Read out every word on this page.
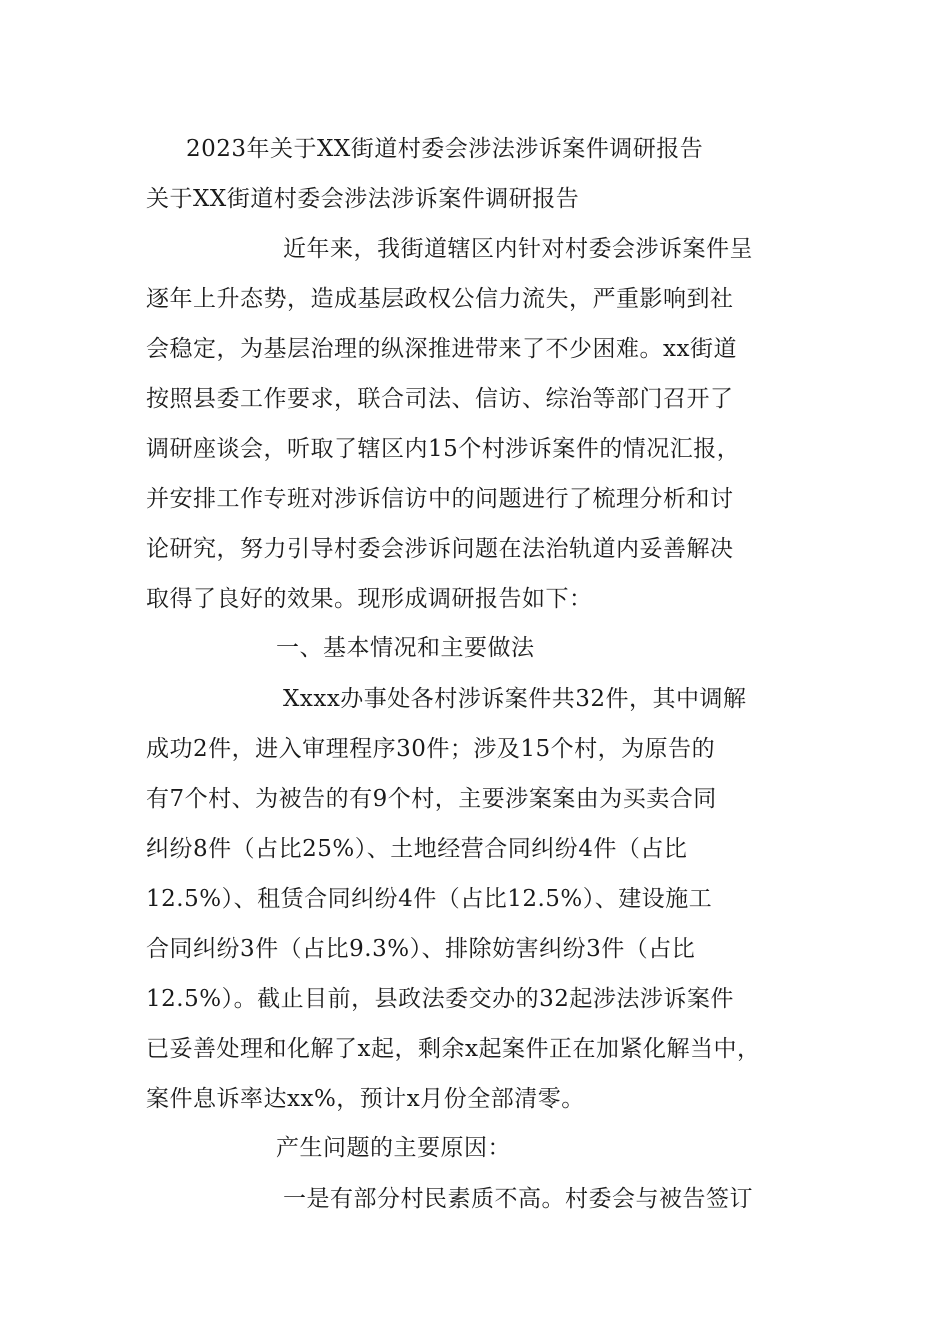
2023年关于XX街道村委会涉法涉诉案件调研报告
关于XX街道村委会涉法涉诉案件调研报告
近年来，我街道辖区内针对村委会涉诉案件呈
逐年上升态势，造成基层政权公信力流失，严重影响到社
会稳定，为基层治理的纵深推进带来了不少困难。xx街道
按照县委工作要求，联合司法、信访、综治等部门召开了
调研座谈会，听取了辖区内15个村涉诉案件的情况汇报，
并安排工作专班对涉诉信访中的问题进行了梳理分析和讨
论研究，努力引导村委会涉诉问题在法治轨道内妥善解决
取得了良好的效果。现形成调研报告如下：
一、基本情况和主要做法
Xxxx办事处各村涉诉案件共32件，其中调解
成功2件，进入审理程序30件；涉及15个村，为原告的
有7个村、为被告的有9个村，主要涉案案由为买卖合同
纠纷8件（占比25%）、土地经营合同纠纷4件（占比
12.5%）、租赁合同纠纷4件（占比12.5%）、建设施工
合同纠纷3件（占比9.3%）、排除妨害纠纷3件（占比
12.5%）。截止目前，县政法委交办的32起涉法涉诉案件
已妥善处理和化解了x起，剩余x起案件正在加紧化解当中，
案件息诉率达xx%，预计x月份全部清零。
产生问题的主要原因：
一是有部分村民素质不高。村委会与被告签订
